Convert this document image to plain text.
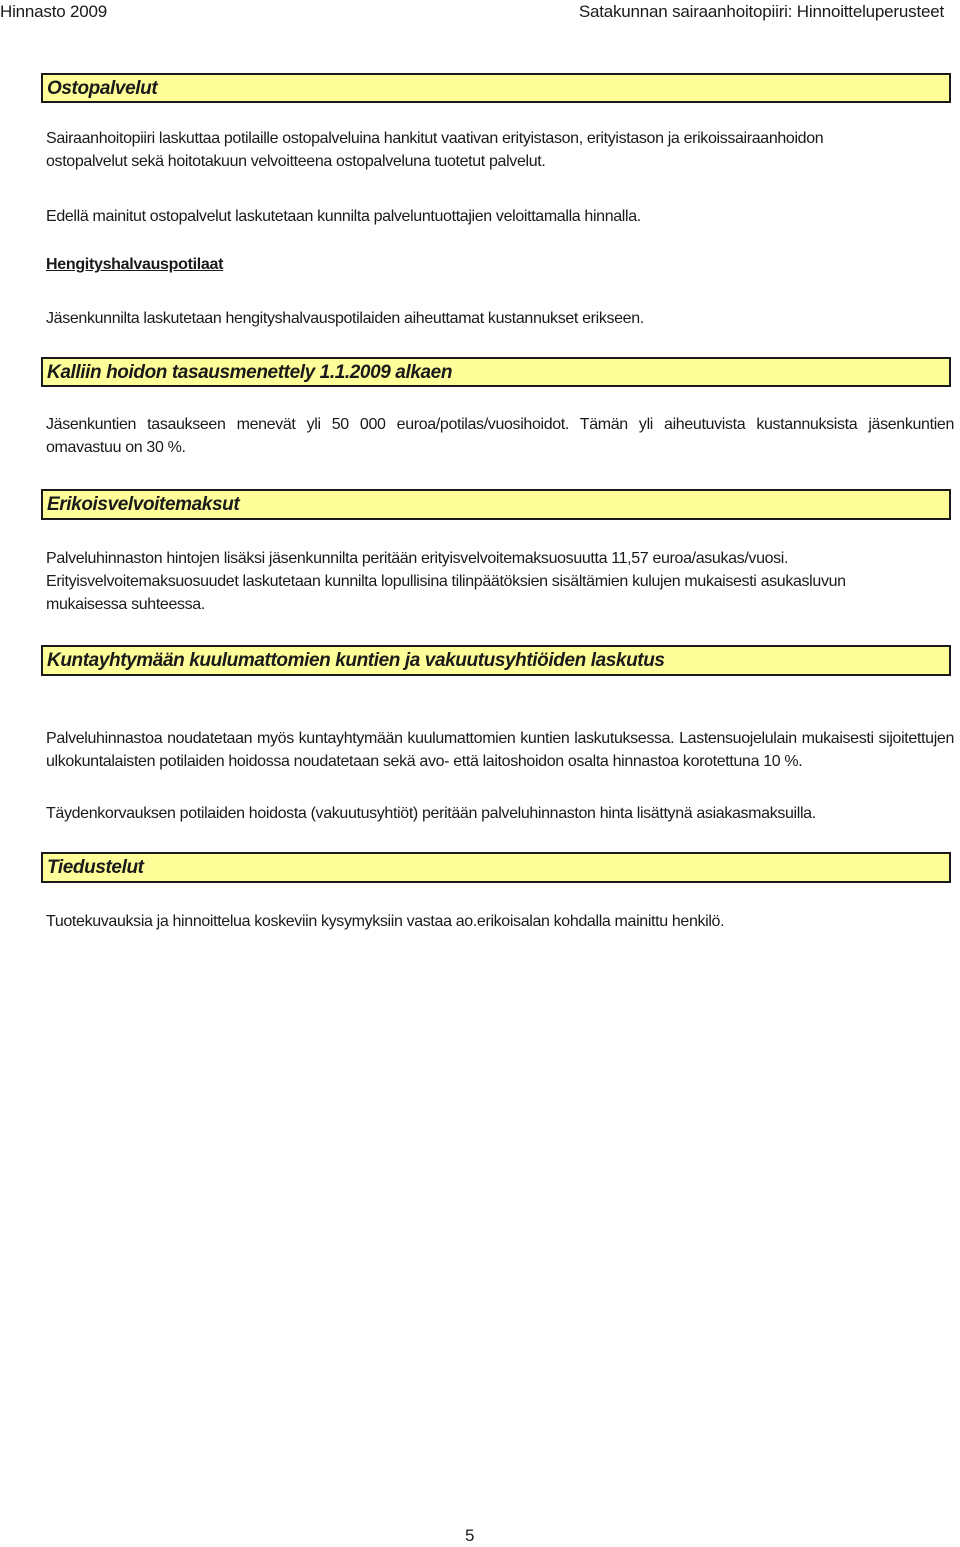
Hinnasto 2009	Satakunnan sairaanhoitopiiri: Hinnoitteluperusteet
Ostopalvelut

Sairaanhoitopiiri laskuttaa potilaille ostopalveluina hankitut vaativan erityistason, erityistason ja erikoissairaanhoidon ostopalvelut sekä hoitotakuun velvoitteena ostopalveluna tuotetut palvelut.

Edellä mainitut ostopalvelut laskutetaan kunnilta palveluntuottajien veloittamalla hinnalla.

Hengityshalvauspotilaat

Jäsenkunnilta laskutetaan hengityshalvauspotilaiden aiheuttamat kustannukset erikseen.

Kalliin hoidon tasausmenettely 1.1.2009 alkaen

Jäsenkuntien tasaukseen menevät yli 50 000 euroa/potilas/vuosihoidot. Tämän yli aiheutuvista kustannuksista jäsenkuntien omavastuu on 30 %.

Erikoisvelvoitemaksut

Palveluhinnaston hintojen lisäksi jäsenkunnilta peritään erityisvelvoitemaksuosuutta 11,57 euroa/asukas/vuosi. Erityisvelvoitemaksuosuudet laskutetaan kunnilta lopullisina tilinpäätöksien sisältämien kulujen mukaisesti asukasluvun mukaisessa suhteessa.

Kuntayhtymään kuulumattomien kuntien ja vakuutusyhtiöiden laskutus

Palveluhinnastoa noudatetaan myös kuntayhtymään kuulumattomien kuntien laskutuksessa. Lastensuojelulain mukaisesti sijoitettujen ulkokuntalaisten potilaiden hoidossa noudatetaan sekä avo- että laitoshoidon osalta hinnastoa korotettuna 10 %.

Täydenkorvauksen potilaiden hoidosta (vakuutusyhtiöt) peritään palveluhinnaston hinta lisättynä asiakasmaksuilla.

Tiedustelut

Tuotekuvauksia ja hinnoittelua koskeviin kysymyksiin vastaa ao.erikoisalan kohdalla mainittu henkilö.

5
